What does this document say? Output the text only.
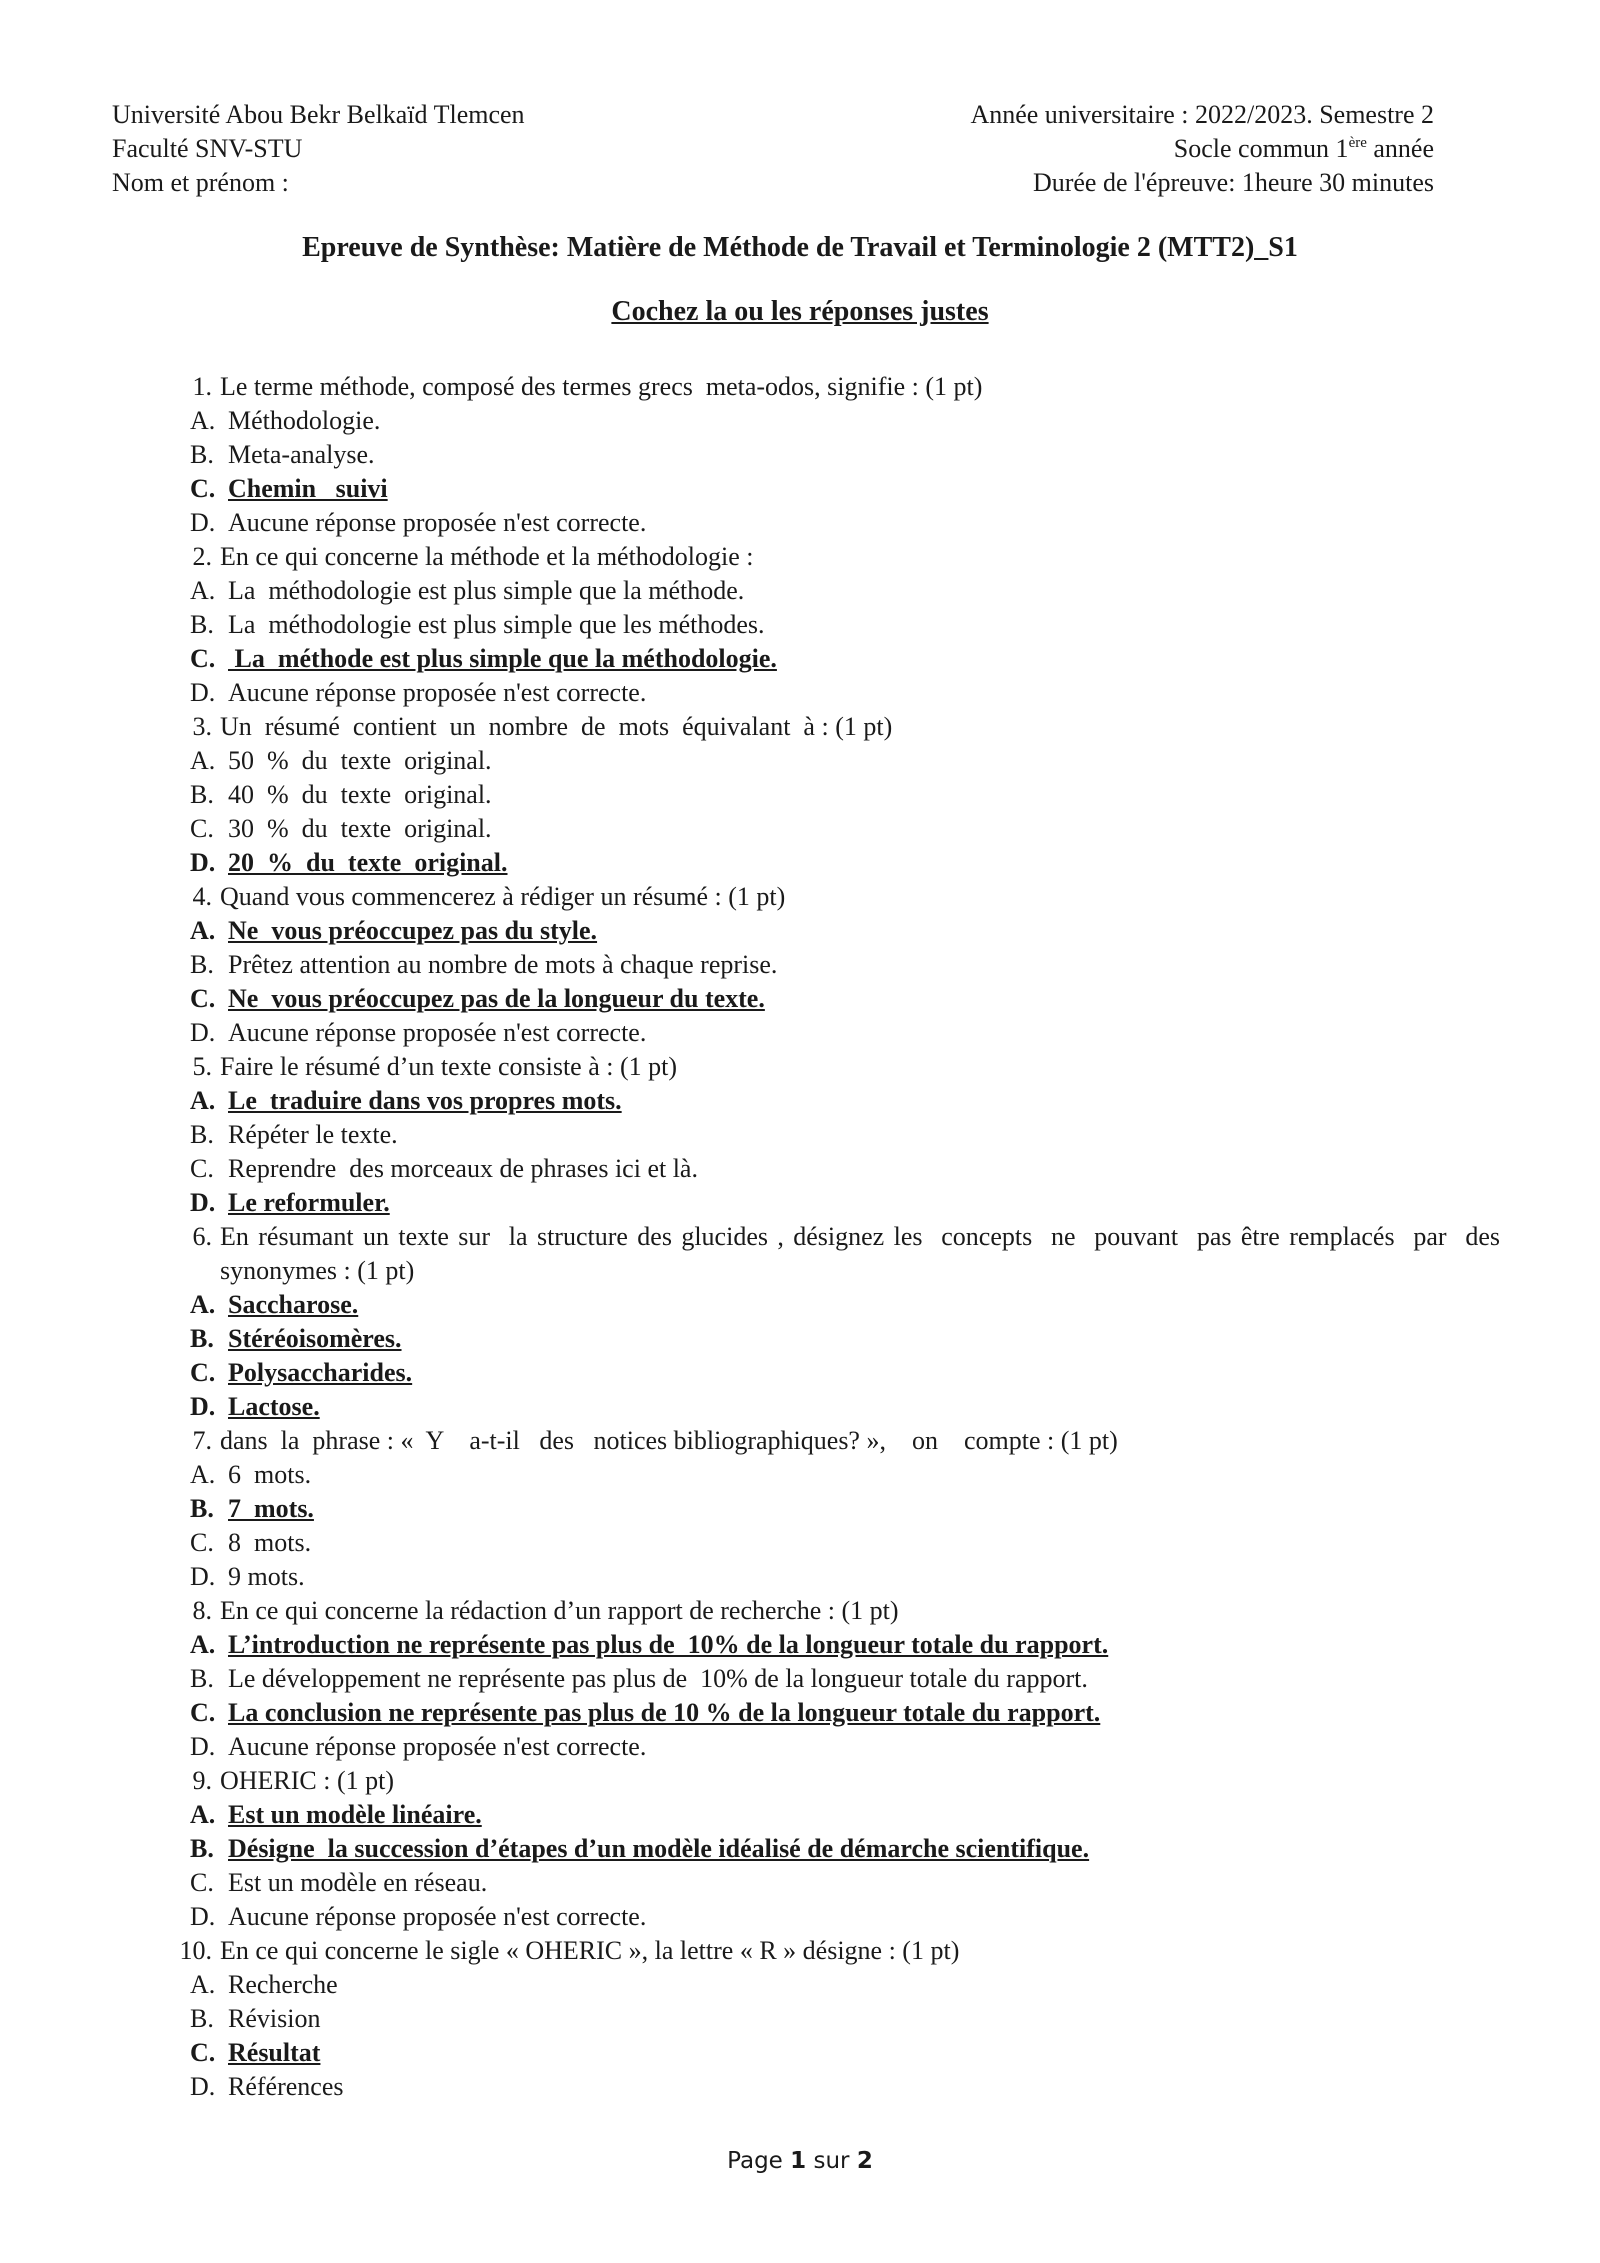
Université Abou Bekr Belkaïd Tlemcen
Faculté SNV-STU
Nom et prénom :
Année universitaire : 2022/2023. Semestre 2
Socle commun 1ère année
Durée de l'épreuve: 1heure 30 minutes
Epreuve de Synthèse: Matière de Méthode de Travail et Terminologie 2 (MTT2)_S1
Cochez la ou les réponses justes
1. Le terme méthode, composé des termes grecs  meta-odos, signifie : (1 pt)
A. Méthodologie.
B. Meta-analyse.
C. Chemin   suivi
D. Aucune réponse proposée n'est correcte.
2. En ce qui concerne la méthode et la méthodologie :
A. La  méthodologie est plus simple que la méthode.
B. La  méthodologie est plus simple que les méthodes.
C. La  méthode est plus simple que la méthodologie.
D. Aucune réponse proposée n'est correcte.
3. Un  résumé  contient  un  nombre  de  mots  équivalant  à : (1 pt)
A. 50  %  du  texte  original.
B. 40  %  du  texte  original.
C. 30  %  du  texte  original.
D. 20  %  du  texte  original.
4. Quand vous commencerez à rédiger un résumé : (1 pt)
A. Ne  vous préoccupez pas du style.
B. Prêtez attention au nombre de mots à chaque reprise.
C. Ne  vous préoccupez pas de la longueur du texte.
D. Aucune réponse proposée n'est correcte.
5. Faire le résumé d’un texte consiste à : (1 pt)
A. Le  traduire dans vos propres mots.
B. Répéter le texte.
C. Reprendre  des morceaux de phrases ici et là.
D. Le reformuler.
6. En résumant un texte sur  la structure des glucides , désignez les  concepts  ne  pouvant  pas être remplacés  par  des synonymes : (1 pt)
A. Saccharose.
B. Stéréoisomères.
C. Polysaccharides.
D. Lactose.
7. dans  la  phrase : «  Y    a-t-il   des   notices bibliographiques? »,    on    compte : (1 pt)
A. 6  mots.
B. 7  mots.
C. 8  mots.
D. 9 mots.
8. En ce qui concerne la rédaction d’un rapport de recherche : (1 pt)
A. L’introduction ne représente pas plus de  10% de la longueur totale du rapport.
B. Le développement ne représente pas plus de  10% de la longueur totale du rapport.
C. La conclusion ne représente pas plus de 10 % de la longueur totale du rapport.
D. Aucune réponse proposée n'est correcte.
9. OHERIC : (1 pt)
A. Est un modèle linéaire.
B. Désigne  la succession d’étapes d’un modèle idéalisé de démarche scientifique.
C. Est un modèle en réseau.
D. Aucune réponse proposée n'est correcte.
10. En ce qui concerne le sigle « OHERIC », la lettre « R » désigne : (1 pt)
A. Recherche
B. Révision
C. Résultat
D. Références
Page 1 sur 2
